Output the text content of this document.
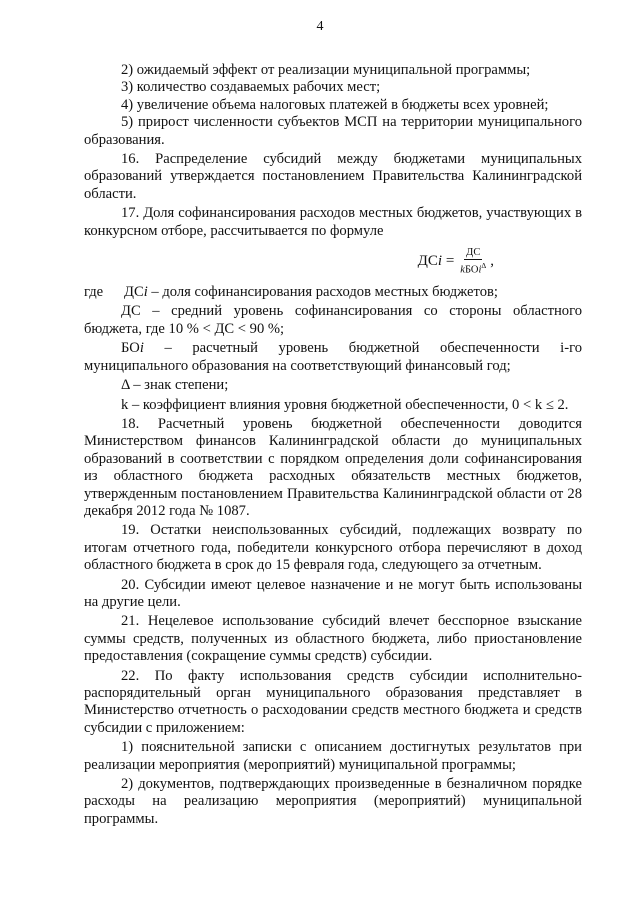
4
2) ожидаемый эффект от реализации муниципальной программы;
3) количество создаваемых рабочих мест;
4) увеличение объема налоговых платежей в бюджеты всех уровней;
5) прирост численности субъектов МСП на территории муниципального образования.
16. Распределение субсидий между бюджетами муниципальных образований утверждается постановлением Правительства Калининградской области.
17. Доля софинансирования расходов местных бюджетов, участвующих в конкурсном отборе, рассчитывается по формуле
ДСi = $\frac{ДС}{kБОi^\Delta}$ ,
где	ДСi – доля софинансирования расходов местных бюджетов;
ДС – средний уровень софинансирования со стороны областного бюджета, где 10 % < ДС < 90 %;
БОi – расчетный уровень бюджетной обеспеченности i-го муниципального образования на соответствующий финансовый год;
Δ – знак степени;
k – коэффициент влияния уровня бюджетной обеспеченности, 0 < k ≤ 2.
18. Расчетный уровень бюджетной обеспеченности доводится Министерством финансов Калининградской области до муниципальных образований в соответствии с порядком определения доли софинансирования из областного бюджета расходных обязательств местных бюджетов, утвержденным постановлением Правительства Калининградской области от 28 декабря 2012 года № 1087.
19. Остатки неиспользованных субсидий, подлежащих возврату по итогам отчетного года, победители конкурсного отбора перечисляют в доход областного бюджета в срок до 15 февраля года, следующего за отчетным.
20. Субсидии имеют целевое назначение и не могут быть использованы на другие цели.
21. Нецелевое использование субсидий влечет бесспорное взыскание суммы средств, полученных из областного бюджета, либо приостановление предоставления (сокращение суммы средств) субсидии.
22. По факту использования средств субсидии исполнительно-распорядительный орган муниципального образования представляет в Министерство отчетность о расходовании средств местного бюджета и средств субсидии с приложением:
1) пояснительной записки с описанием достигнутых результатов при реализации мероприятия (мероприятий) муниципальной программы;
2) документов, подтверждающих произведенные в безналичном порядке расходы на реализацию мероприятия (мероприятий) муниципальной программы.
